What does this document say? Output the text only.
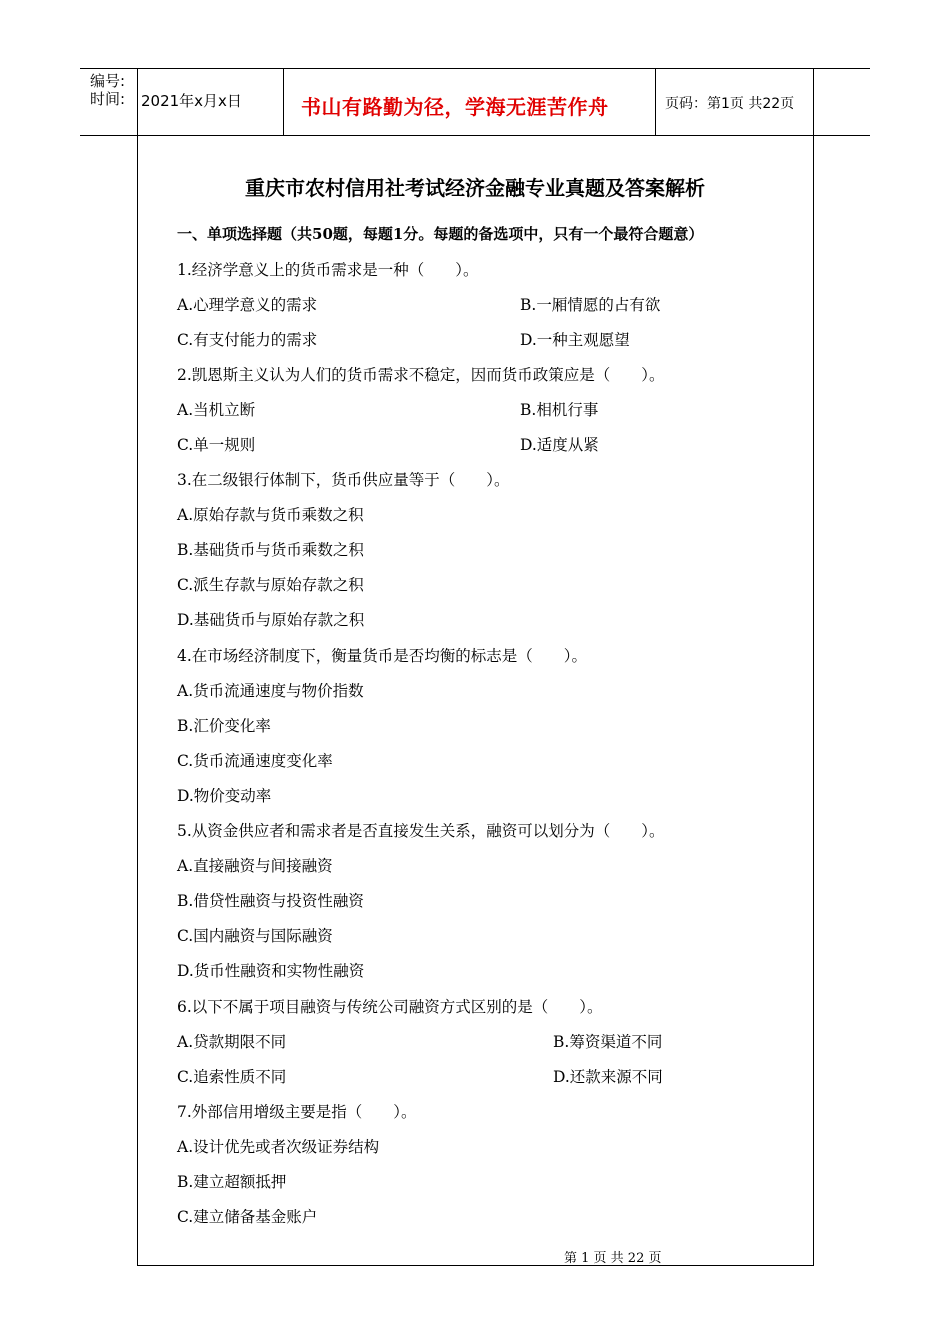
编号:
时间: 2021年x月x日	书山有路勤为径，学海无涯苦作舟	页码：第1页 共22页
重庆市农村信用社考试经济金融专业真题及答案解析
一、单项选择题（共50题，每题1分。每题的备选项中，只有一个最符合题意）
1.经济学意义上的货币需求是一种（　　）。
A.心理学意义的需求	B.一厢情愿的占有欲
C.有支付能力的需求	D.一种主观愿望
2.凯恩斯主义认为人们的货币需求不稳定，因而货币政策应是（　　）。
A.当机立断	B.相机行事
C.单一规则	D.适度从紧
3.在二级银行体制下，货币供应量等于（　　）。
A.原始存款与货币乘数之积
B.基础货币与货币乘数之积
C.派生存款与原始存款之积
D.基础货币与原始存款之积
4.在市场经济制度下，衡量货币是否均衡的标志是（　　）。
A.货币流通速度与物价指数
B.汇价变化率
C.货币流通速度变化率
D.物价变动率
5.从资金供应者和需求者是否直接发生关系，融资可以划分为（　　）。
A.直接融资与间接融资
B.借贷性融资与投资性融资
C.国内融资与国际融资
D.货币性融资和实物性融资
6.以下不属于项目融资与传统公司融资方式区别的是（　　）。
A.贷款期限不同	B.筹资渠道不同
C.追索性质不同	D.还款来源不同
7.外部信用增级主要是指（　　）。
A.设计优先或者次级证券结构
B.建立超额抵押
C.建立储备基金账户
第 1 页 共 22 页
